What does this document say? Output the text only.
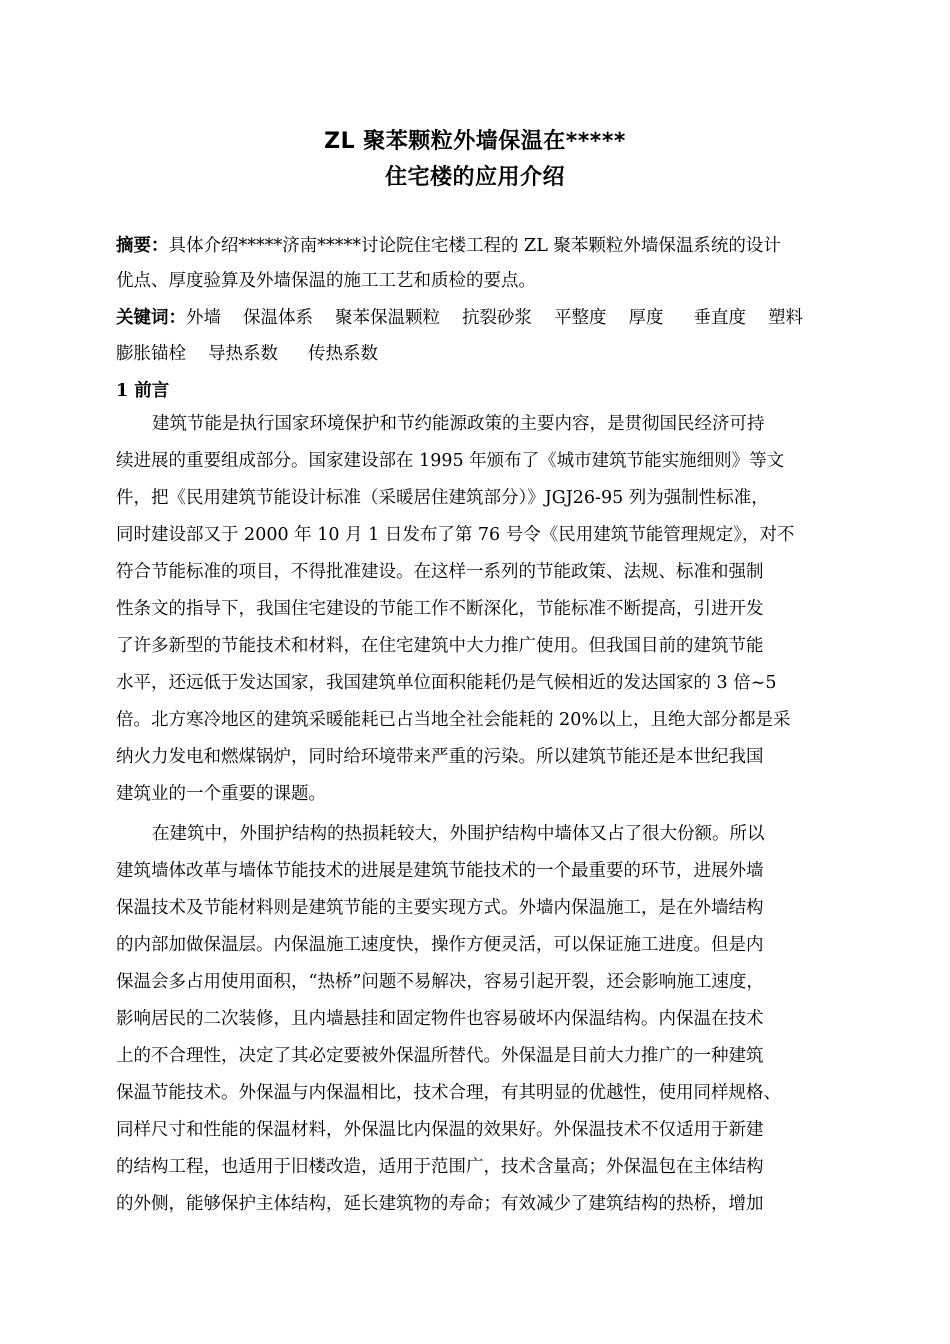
ZL 聚苯颗粒外墙保温在*****
住宅楼的应用介绍
摘要：具体介绍*****济南*****讨论院住宅楼工程的 ZL 聚苯颗粒外墙保温系统的设计
优点、厚度验算及外墙保温的施工工艺和质检的要点。
关键词：外墙 保温体系 聚苯保温颗粒 抗裂砂浆 平整度 厚度 垂直度 塑料
膨胀锚栓 导热系数 传热系数
1 前言
建筑节能是执行国家环境保护和节约能源政策的主要内容，是贯彻国民经济可持
续进展的重要组成部分。国家建设部在 1995 年颁布了《城市建筑节能实施细则》等文
件，把《民用建筑节能设计标准（采暖居住建筑部分）》JGJ26-95 列为强制性标准，
同时建设部又于 2000 年 10 月 1 日发布了第 76 号令《民用建筑节能管理规定》，对不
符合节能标准的项目，不得批准建设。在这样一系列的节能政策、法规、标准和强制
性条文的指导下，我国住宅建设的节能工作不断深化，节能标准不断提高，引进开发
了许多新型的节能技术和材料，在住宅建筑中大力推广使用。但我国目前的建筑节能
水平，还远低于发达国家，我国建筑单位面积能耗仍是气候相近的发达国家的 3 倍~5
倍。北方寒冷地区的建筑采暖能耗已占当地全社会能耗的 20%以上，且绝大部分都是采
纳火力发电和燃煤锅炉，同时给环境带来严重的污染。所以建筑节能还是本世纪我国
建筑业的一个重要的课题。
在建筑中，外围护结构的热损耗较大，外围护结构中墙体又占了很大份额。所以
建筑墙体改革与墙体节能技术的进展是建筑节能技术的一个最重要的环节，进展外墙
保温技术及节能材料则是建筑节能的主要实现方式。外墙内保温施工，是在外墙结构
的内部加做保温层。内保温施工速度快，操作方便灵活，可以保证施工进度。但是内
保温会多占用使用面积，“热桥”问题不易解决，容易引起开裂，还会影响施工速度，
影响居民的二次装修，且内墙悬挂和固定物件也容易破坏内保温结构。内保温在技术
上的不合理性，决定了其必定要被外保温所替代。外保温是目前大力推广的一种建筑
保温节能技术。外保温与内保温相比，技术合理，有其明显的优越性，使用同样规格、
同样尺寸和性能的保温材料，外保温比内保温的效果好。外保温技术不仅适用于新建
的结构工程，也适用于旧楼改造，适用于范围广，技术含量高；外保温包在主体结构
的外侧，能够保护主体结构，延长建筑物的寿命；有效减少了建筑结构的热桥，增加
